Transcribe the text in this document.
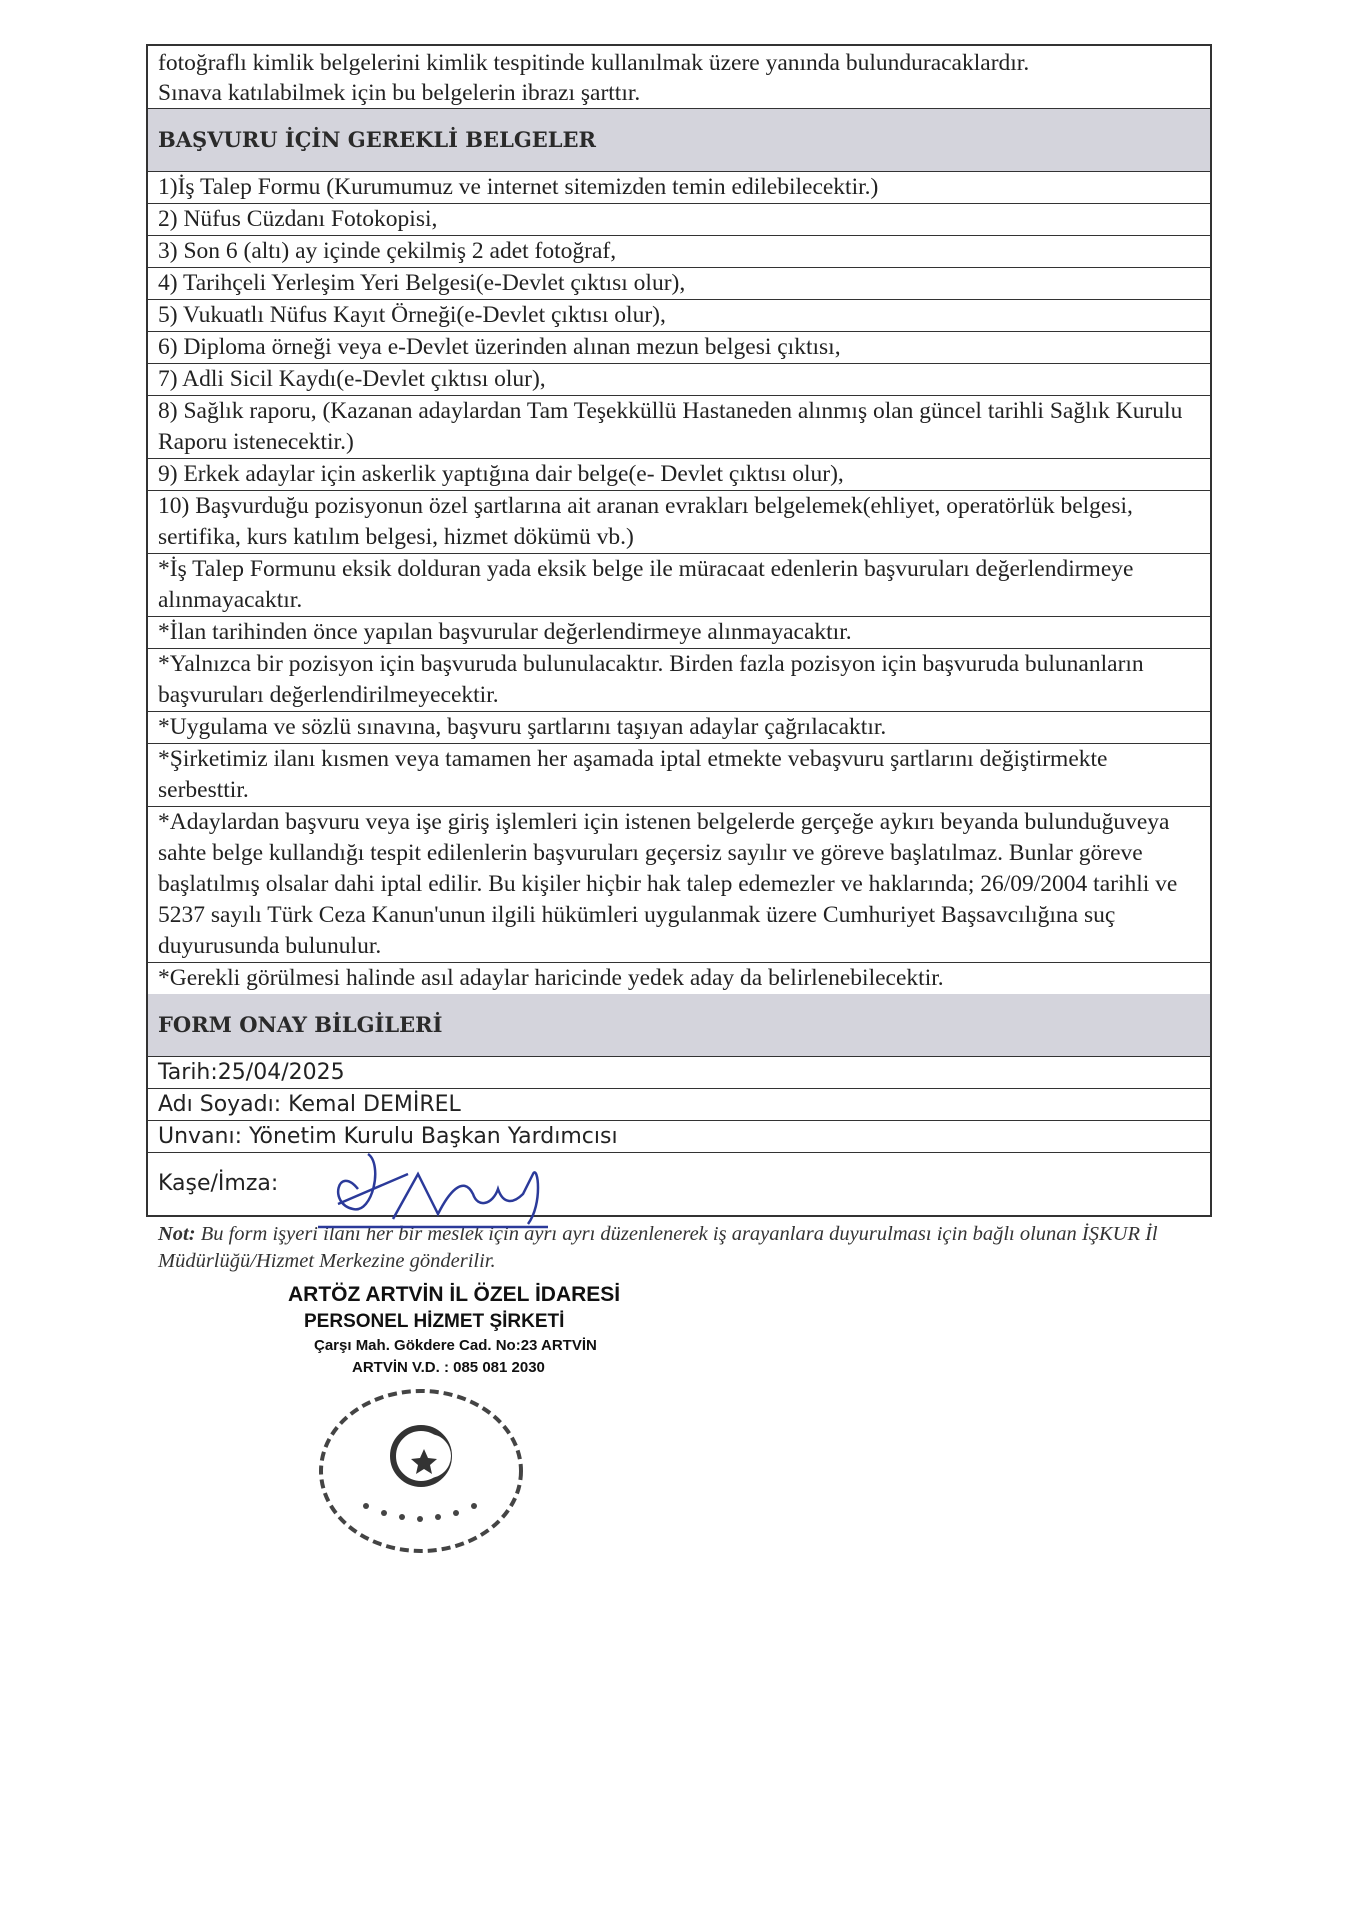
fotoğraflı kimlik belgelerini kimlik tespitinde kullanılmak üzere yanında bulunduracaklardır.
Sınava katılabilmek için bu belgelerin ibrazı şarttır.
BAŞVURU İÇİN GEREKLİ BELGELER
1)İş Talep Formu (Kurumumuz ve internet sitemizden temin edilebilecektir.)
2) Nüfus Cüzdanı Fotokopisi,
3) Son 6 (altı) ay içinde çekilmiş 2 adet fotoğraf,
4) Tarihçeli Yerleşim Yeri Belgesi(e-Devlet çıktısı olur),
5) Vukuatlı Nüfus Kayıt Örneği(e-Devlet çıktısı olur),
6) Diploma örneği veya e-Devlet üzerinden alınan mezun belgesi çıktısı,
7) Adli Sicil Kaydı(e-Devlet çıktısı olur),
8) Sağlık raporu, (Kazanan adaylardan Tam Teşekküllü Hastaneden alınmış olan güncel tarihli Sağlık Kurulu Raporu istenecektir.)
9) Erkek adaylar için askerlik yaptığına dair belge(e- Devlet çıktısı olur),
10) Başvurduğu pozisyonun özel şartlarına ait aranan evrakları belgelemek(ehliyet, operatörlük belgesi, sertifika, kurs katılım belgesi, hizmet dökümü vb.)
*İş Talep Formunu eksik dolduran yada eksik belge ile müracaat edenlerin başvuruları değerlendirmeye alınmayacaktır.
*İlan tarihinden önce yapılan başvurular değerlendirmeye alınmayacaktır.
*Yalnızca bir pozisyon için başvuruda bulunulacaktır. Birden fazla pozisyon için başvuruda bulunanların başvuruları değerlendirilmeyecektir.
*Uygulama ve sözlü sınavına, başvuru şartlarını taşıyan adaylar çağrılacaktır.
*Şirketimiz ilanı kısmen veya tamamen her aşamada iptal etmekte vebaşvuru şartlarını değiştirmekte serbesttir.
*Adaylardan başvuru veya işe giriş işlemleri için istenen belgelerde gerçeğe aykırı beyanda bulunduğuveya sahte belge kullandığı tespit edilenlerin başvuruları geçersiz sayılır ve göreve başlatılmaz. Bunlar göreve başlatılmış olsalar dahi iptal edilir. Bu kişiler hiçbir hak talep edemezler ve haklarında; 26/09/2004 tarihli ve 5237 sayılı Türk Ceza Kanun'unun ilgili hükümleri uygulanmak üzere Cumhuriyet Başsavcılığına suç duyurusunda bulunulur.
*Gerekli görülmesi halinde asıl adaylar haricinde yedek aday da belirlenebilecektir.
FORM ONAY BİLGİLERİ
Tarih:25/04/2025
Adı Soyadı: Kemal DEMİREL
Unvanı: Yönetim Kurulu Başkan Yardımcısı
Kaşe/İmza:
Not: Bu form işyeri ilanı her bir meslek için ayrı ayrı düzenlenerek iş arayanlara duyurulması için bağlı olunan İŞKUR İl Müdürlüğü/Hizmet Merkezine gönderilir.
ARTÖZ ARTVİN İL ÖZEL İDARESİ
PERSONEL HİZMET ŞİRKETİ
Çarşı Mah. Gökdere Cad. No:23 ARTVİN
ARTVİN V.D. : 085 081 2030
